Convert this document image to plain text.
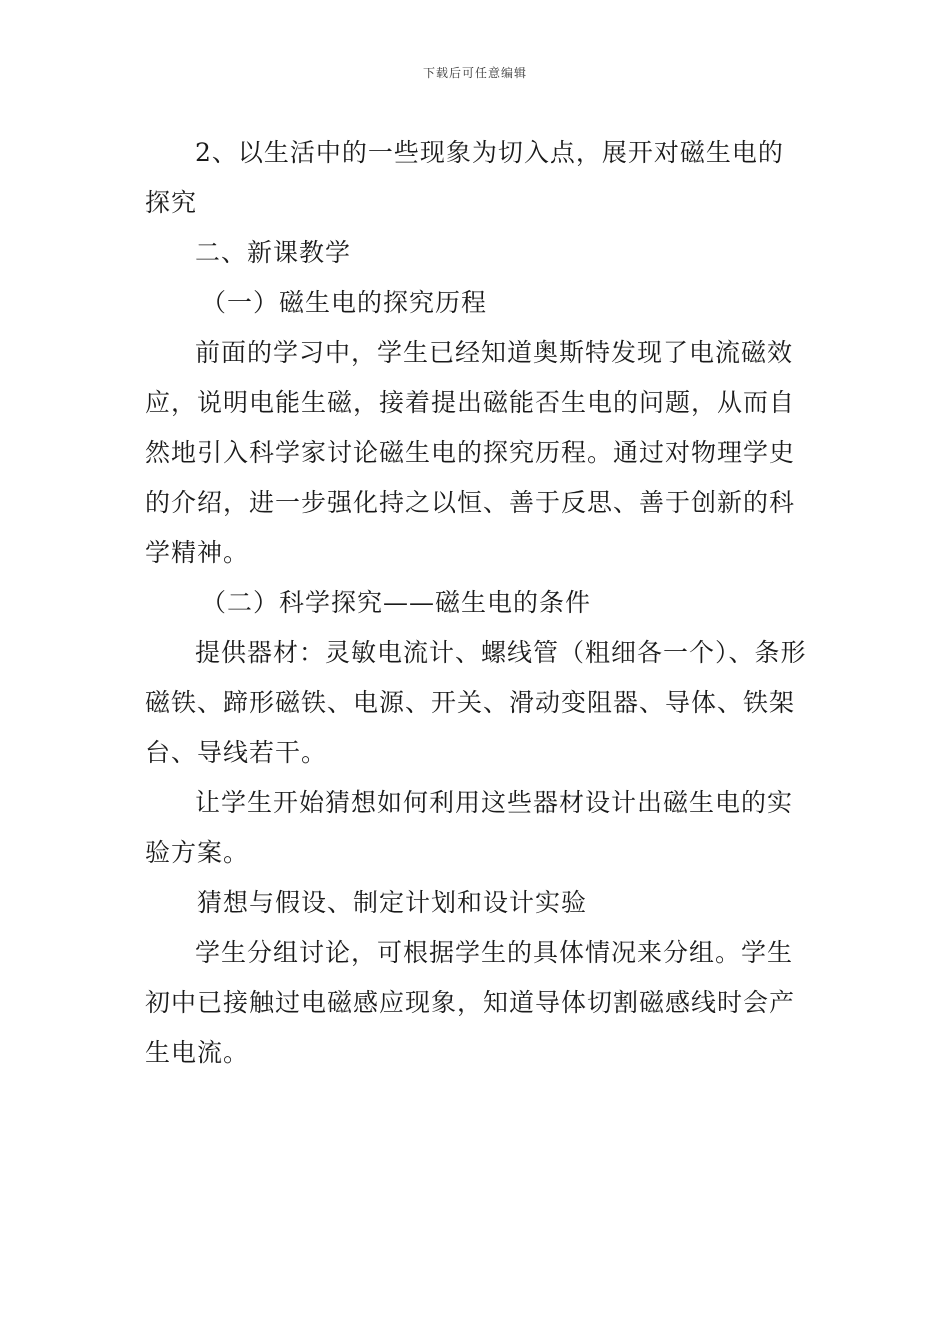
下载后可任意编辑

2、以生活中的一些现象为切入点，展开对磁生电的探究

二、新课教学

（一）磁生电的探究历程

前面的学习中，学生已经知道奥斯特发现了电流磁效应，说明电能生磁，接着提出磁能否生电的问题，从而自然地引入科学家讨论磁生电的探究历程。通过对物理学史的介绍，进一步强化持之以恒、善于反思、善于创新的科学精神。

（二）科学探究——磁生电的条件

提供器材：灵敏电流计、螺线管（粗细各一个）、条形磁铁、蹄形磁铁、电源、开关、滑动变阻器、导体、铁架台、导线若干。

让学生开始猜想如何利用这些器材设计出磁生电的实验方案。

猜想与假设、制定计划和设计实验

学生分组讨论，可根据学生的具体情况来分组。学生初中已接触过电磁感应现象，知道导体切割磁感线时会产生电流。
